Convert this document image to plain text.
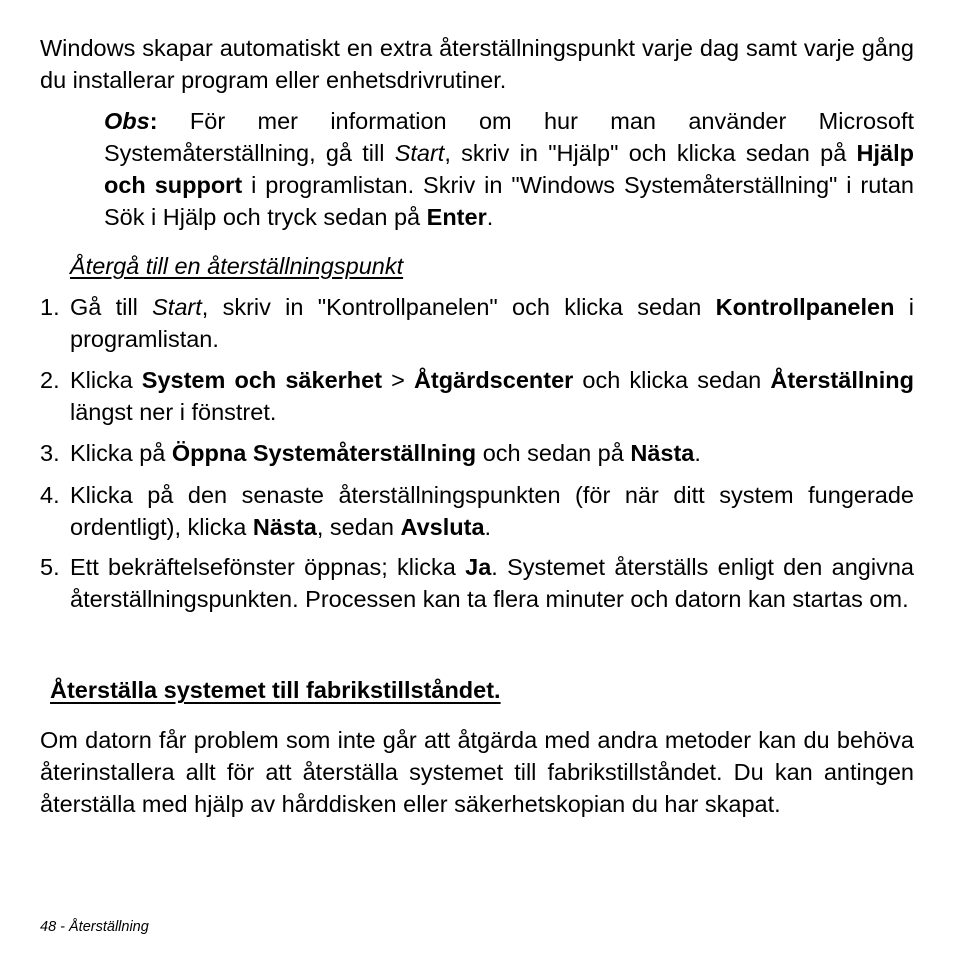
Windows skapar automatiskt en extra återställningspunkt varje dag samt varje gång du installerar program eller enhetsdrivrutiner.

Obs: För mer information om hur man använder Microsoft Systemåterställning, gå till Start, skriv in "Hjälp" och klicka sedan på Hjälp och support i programlistan. Skriv in "Windows Systemåterställning" i rutan Sök i Hjälp och tryck sedan på Enter.

Återgå till en återställningspunkt

1. Gå till Start, skriv in "Kontrollpanelen" och klicka sedan Kontrollpanelen i programlistan.
2. Klicka System och säkerhet > Åtgärdscenter och klicka sedan Återställning längst ner i fönstret.
3. Klicka på Öppna Systemåterställning och sedan på Nästa.
4. Klicka på den senaste återställningspunkten (för när ditt system fungerade ordentligt), klicka Nästa, sedan Avsluta.
5. Ett bekräftelsefönster öppnas; klicka Ja. Systemet återställs enligt den angivna återställningspunkten. Processen kan ta flera minuter och datorn kan startas om.

Återställa systemet till fabrikstillståndet.

Om datorn får problem som inte går att åtgärda med andra metoder kan du behöva återinstallera allt för att återställa systemet till fabrikstillståndet. Du kan antingen återställa med hjälp av hårddisken eller säkerhetskopian du har skapat.

48 - Återställning
